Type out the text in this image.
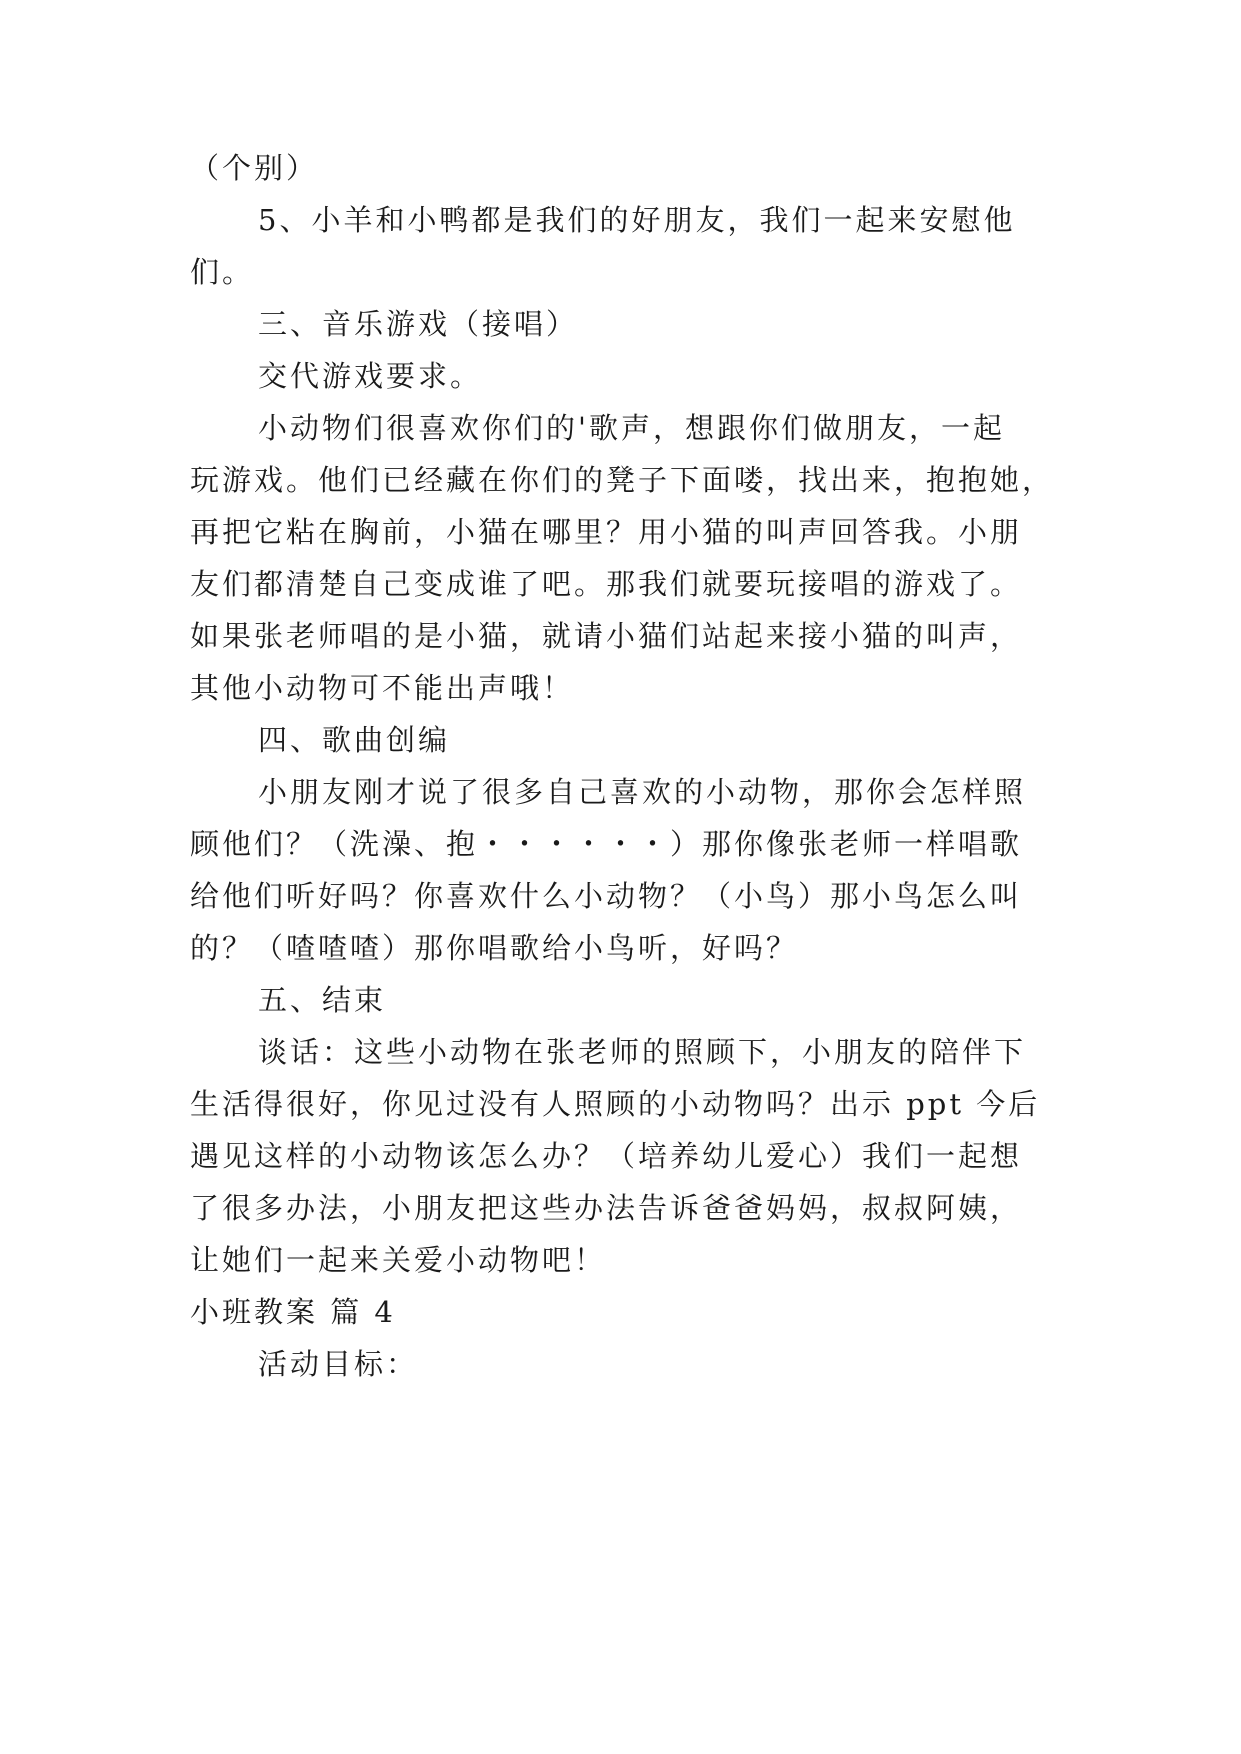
（个别）
5、小羊和小鸭都是我们的好朋友，我们一起来安慰他
们。
三、音乐游戏（接唱）
交代游戏要求。
小动物们很喜欢你们的'歌声，想跟你们做朋友，一起
玩游戏。他们已经藏在你们的凳子下面喽，找出来，抱抱她，
再把它粘在胸前，小猫在哪里？用小猫的叫声回答我。小朋
友们都清楚自己变成谁了吧。那我们就要玩接唱的游戏了。
如果张老师唱的是小猫，就请小猫们站起来接小猫的叫声，
其他小动物可不能出声哦！
四、歌曲创编
小朋友刚才说了很多自己喜欢的小动物，那你会怎样照
顾他们？（洗澡、抱・・・・・・）那你像张老师一样唱歌
给他们听好吗？你喜欢什么小动物？（小鸟）那小鸟怎么叫
的？（喳喳喳）那你唱歌给小鸟听，好吗？
五、结束
谈话：这些小动物在张老师的照顾下，小朋友的陪伴下
生活得很好，你见过没有人照顾的小动物吗？出示 ppt 今后
遇见这样的小动物该怎么办？（培养幼儿爱心）我们一起想
了很多办法，小朋友把这些办法告诉爸爸妈妈，叔叔阿姨，
让她们一起来关爱小动物吧！
小班教案 篇 4
活动目标：
